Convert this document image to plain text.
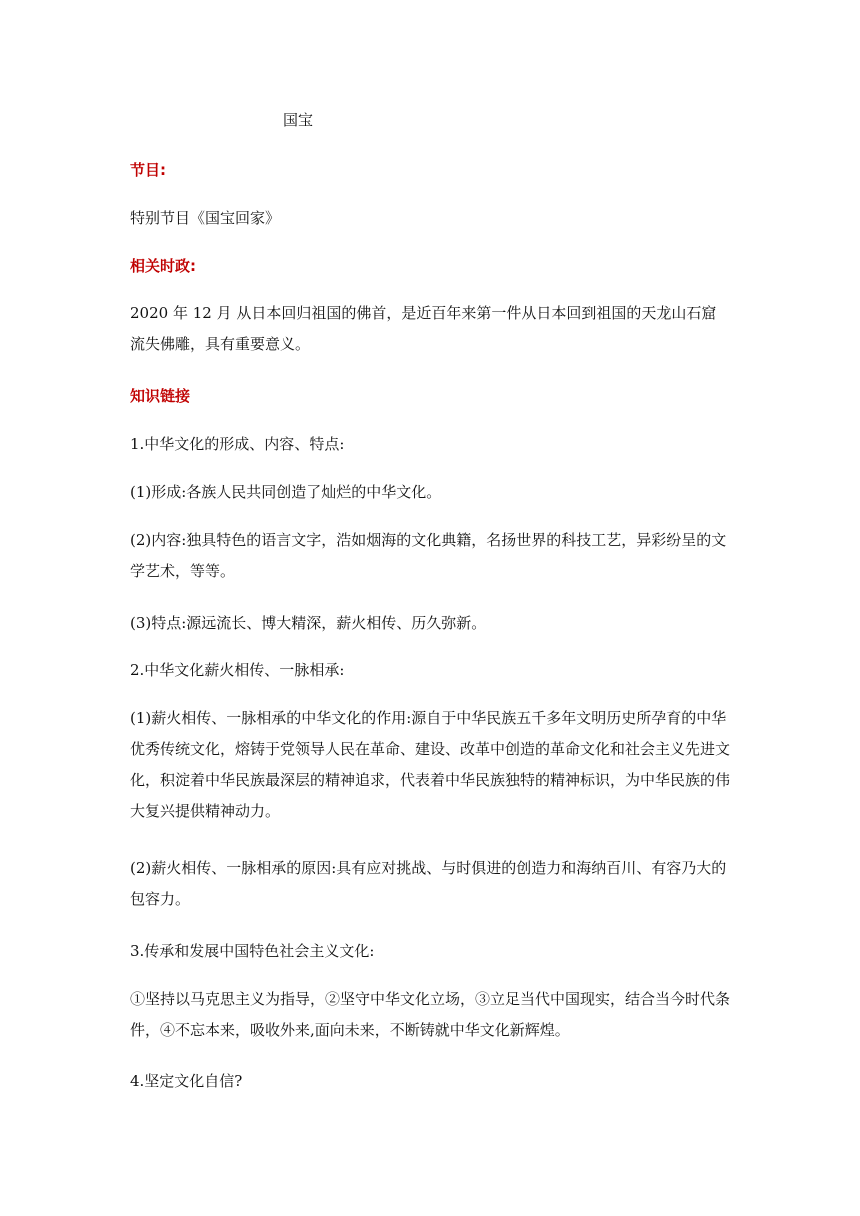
国宝
节目:
特别节目《国宝回家》
相关时政:
2020 年 12 月 从日本回归祖国的佛首，是近百年来第一件从日本回到祖国的天龙山石窟流失佛雕，具有重要意义。
知识链接
1.中华文化的形成、内容、特点:
(1)形成:各族人民共同创造了灿烂的中华文化。
(2)内容:独具特色的语言文字，浩如烟海的文化典籍，名扬世界的科技工艺，异彩纷呈的文学艺术，等等。
(3)特点:源远流长、博大精深，薪火相传、历久弥新。
2.中华文化薪火相传、一脉相承:
(1)薪火相传、一脉相承的中华文化的作用:源自于中华民族五千多年文明历史所孕育的中华优秀传统文化，熔铸于党领导人民在革命、建设、改革中创造的革命文化和社会主义先进文化，积淀着中华民族最深层的精神追求，代表着中华民族独特的精神标识，为中华民族的伟大复兴提供精神动力。
(2)薪火相传、一脉相承的原因:具有应对挑战、与时俱进的创造力和海纳百川、有容乃大的包容力。
3.传承和发展中国特色社会主义文化:
①坚持以马克思主义为指导，②坚守中华文化立场，③立足当代中国现实，结合当今时代条件，④不忘本来，吸收外来,面向未来，不断铸就中华文化新辉煌。
4.坚定文化自信?
